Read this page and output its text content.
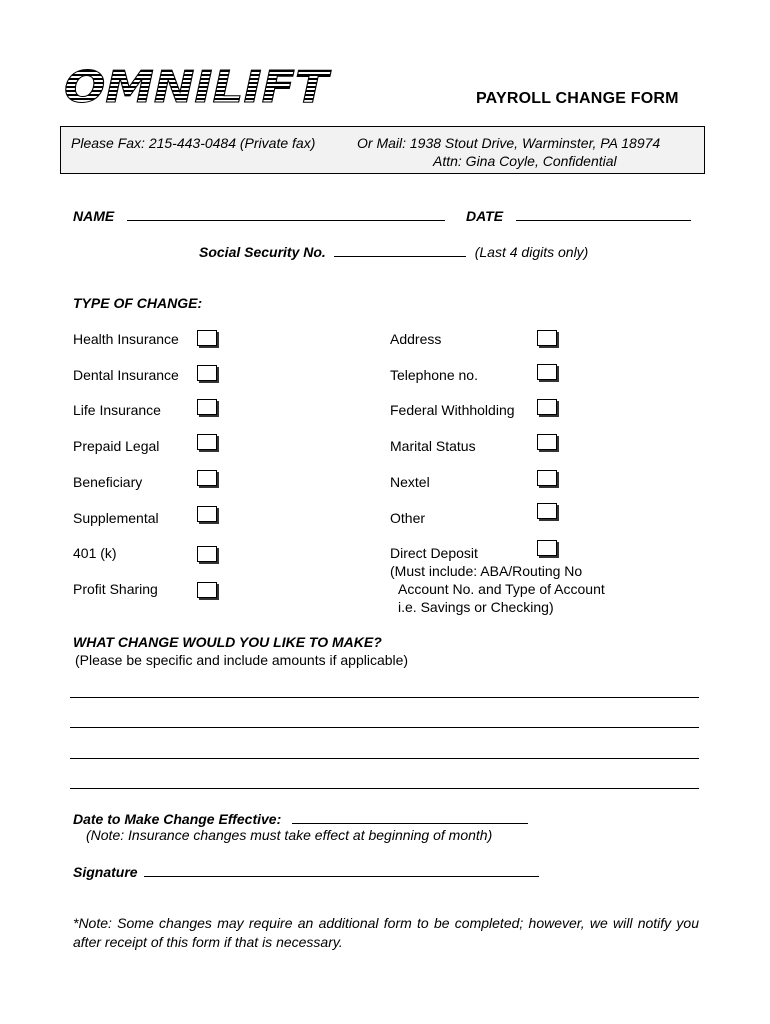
OMNILIFT	PAYROLL CHANGE FORM
Please Fax: 215-443-0484 (Private fax)	Or Mail: 1938 Stout Drive, Warminster, PA 18974
Attn: Gina Coyle, Confidential
NAME	DATE
Social Security No.	(Last 4 digits only)
TYPE OF CHANGE:
Health Insurance
Dental Insurance
Life Insurance
Prepaid Legal
Beneficiary
Supplemental
401 (k)
Profit Sharing
Address
Telephone no.
Federal Withholding
Marital Status
Nextel
Other
Direct Deposit
(Must include: ABA/Routing No
Account No. and Type of Account
i.e. Savings or Checking)
WHAT CHANGE WOULD YOU LIKE TO MAKE?
(Please be specific and include amounts if applicable)
Date to Make Change Effective:
(Note: Insurance changes must take effect at beginning of month)
Signature
*Note: Some changes may require an additional form to be completed; however, we will notify you after receipt of this form if that is necessary.
